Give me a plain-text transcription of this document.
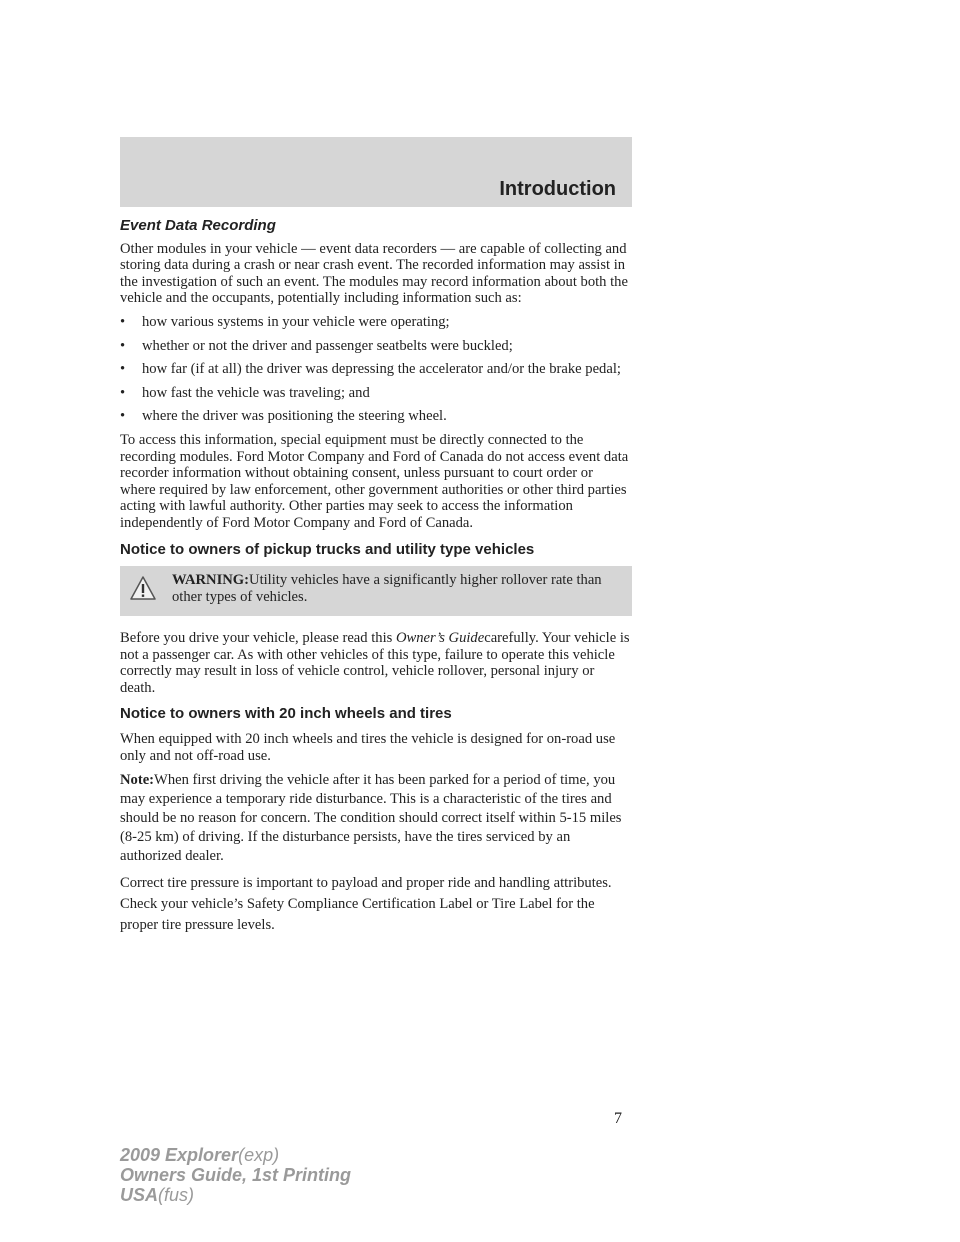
Introduction
Event Data Recording

Other modules in your vehicle — event data recorders — are capable of collecting and storing data during a crash or near crash event. The recorded information may assist in the investigation of such an event. The modules may record information about both the vehicle and the occupants, potentially including information such as:

• how various systems in your vehicle were operating;
• whether or not the driver and passenger seatbelts were buckled;
• how far (if at all) the driver was depressing the accelerator and/or the brake pedal;
• how fast the vehicle was traveling; and
• where the driver was positioning the steering wheel.

To access this information, special equipment must be directly connected to the recording modules. Ford Motor Company and Ford of Canada do not access event data recorder information without obtaining consent, unless pursuant to court order or where required by law enforcement, other government authorities or other third parties acting with lawful authority. Other parties may seek to access the information independently of Ford Motor Company and Ford of Canada.

Notice to owners of pickup trucks and utility type vehicles
WARNING:Utility vehicles have a significantly higher rollover rate than other types of vehicles.

Before you drive your vehicle, please read this Owner’s Guidecarefully. Your vehicle is not a passenger car. As with other vehicles of this type, failure to operate this vehicle correctly may result in loss of vehicle control, vehicle rollover, personal injury or death.

Notice to owners with 20 inch wheels and tires

When equipped with 20 inch wheels and tires the vehicle is designed for on-road use only and not off-road use.

Note:When first driving the vehicle after it has been parked for a period of time, you may experience a temporary ride disturbance. This is a characteristic of the tires and should be no reason for concern. The condition should correct itself within 5-15 miles (8-25 km) of driving. If the disturbance persists, have the tires serviced by an authorized dealer.

Correct tire pressure is important to payload and proper ride and handling attributes. Check your vehicle’s Safety Compliance Certification Label or Tire Label for the proper tire pressure levels.

7
2009 Explorer(exp)
Owners Guide, 1st Printing
USA(fus)
